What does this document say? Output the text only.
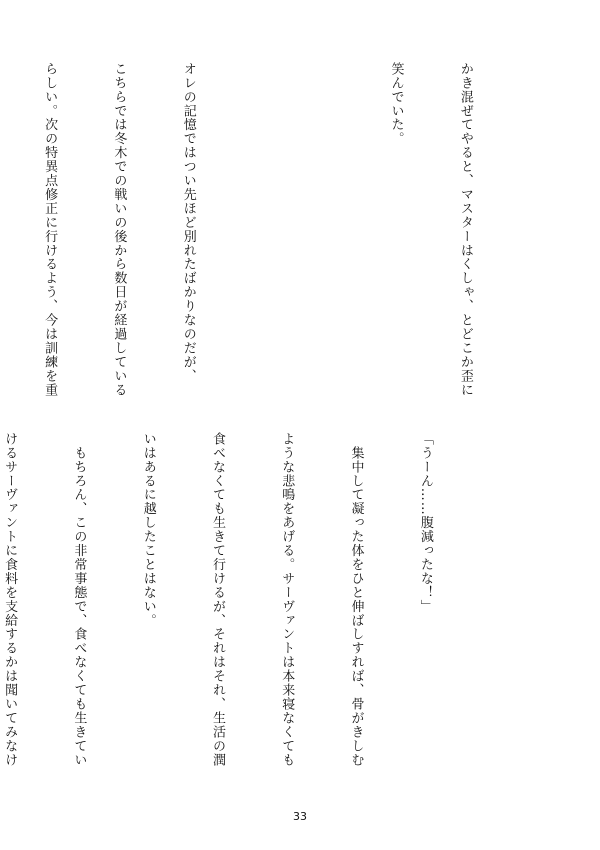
かき混ぜてやると、マスターはくしゃ、とどこか歪に

笑んでいた。

オレの記憶ではつい先ほど別れたばかりなのだが、

こちらでは冬木での戦いの後から数日が経過している

らしい。次の特異点修正に行けるよう、今は訓練を重

「うーん……腹減ったな！」

　集中して凝った体をひと伸ばしすれば、骨がきしむ

ような悲鳴をあげる。サーヴァントは本来寝なくても

食べなくても生きて行けるが、それはそれ、生活の潤

いはあるに越したことはない。

　もちろん、この非常事態で、食べなくても生きてい

けるサーヴァントに食料を支給するかは聞いてみなけ

33
